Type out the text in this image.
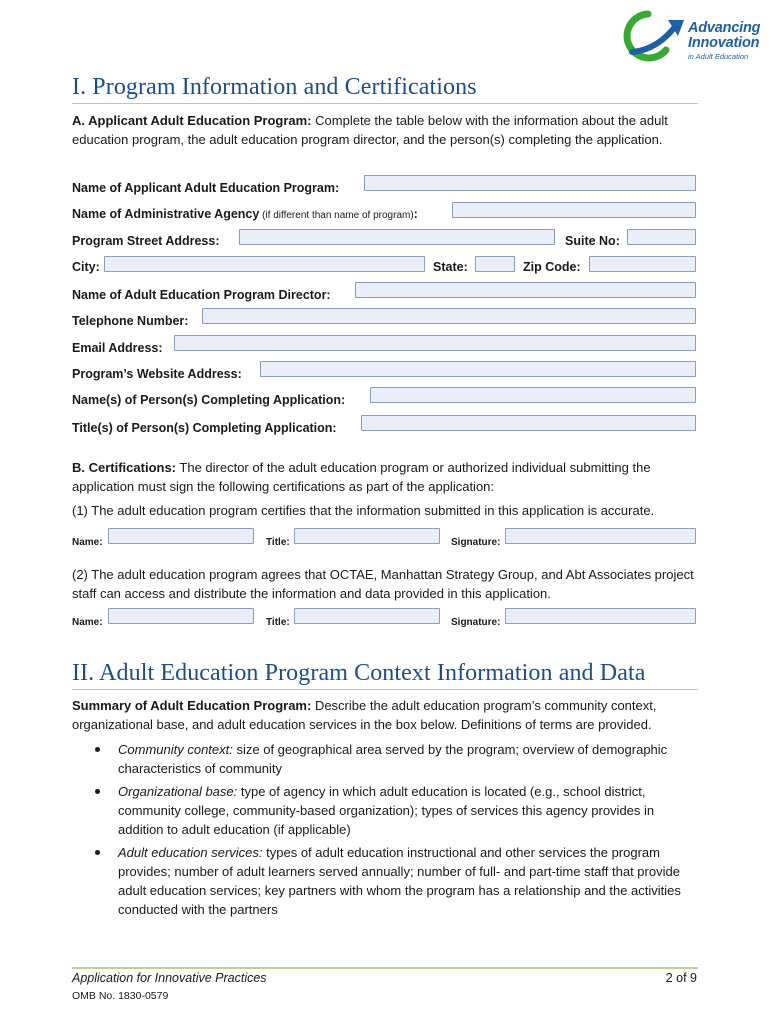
Advancing
Innovation
in Adult Education
I. Program Information and Certifications
A. Applicant Adult Education Program: Complete the table below with the information about the adult education program, the adult education program director, and the person(s) completing the application.
Name of Applicant Adult Education Program:
Name of Administrative Agency (if different than name of program):
Program Street Address:	Suite No:
City:	State:	Zip Code:
Name of Adult Education Program Director:
Telephone Number:
Email Address:
Program’s Website Address:
Name(s) of Person(s) Completing Application:
Title(s) of Person(s) Completing Application:
B. Certifications: The director of the adult education program or authorized individual submitting the application must sign the following certifications as part of the application:
(1) The adult education program certifies that the information submitted in this application is accurate.
Name:	Title:	Signature:
(2) The adult education program agrees that OCTAE, Manhattan Strategy Group, and Abt Associates project staff can access and distribute the information and data provided in this application.
Name:	Title:	Signature:
II. Adult Education Program Context Information and Data
Summary of Adult Education Program: Describe the adult education program’s community context, organizational base, and adult education services in the box below. Definitions of terms are provided.
Community context: size of geographical area served by the program; overview of demographic characteristics of community
Organizational base: type of agency in which adult education is located (e.g., school district, community college, community-based organization); types of services this agency provides in addition to adult education (if applicable)
Adult education services: types of adult education instructional and other services the program provides; number of adult learners served annually; number of full- and part-time staff that provide adult education services; key partners with whom the program has a relationship and the activities conducted with the partners
Application for Innovative Practices	2 of 9
OMB No. 1830-0579
